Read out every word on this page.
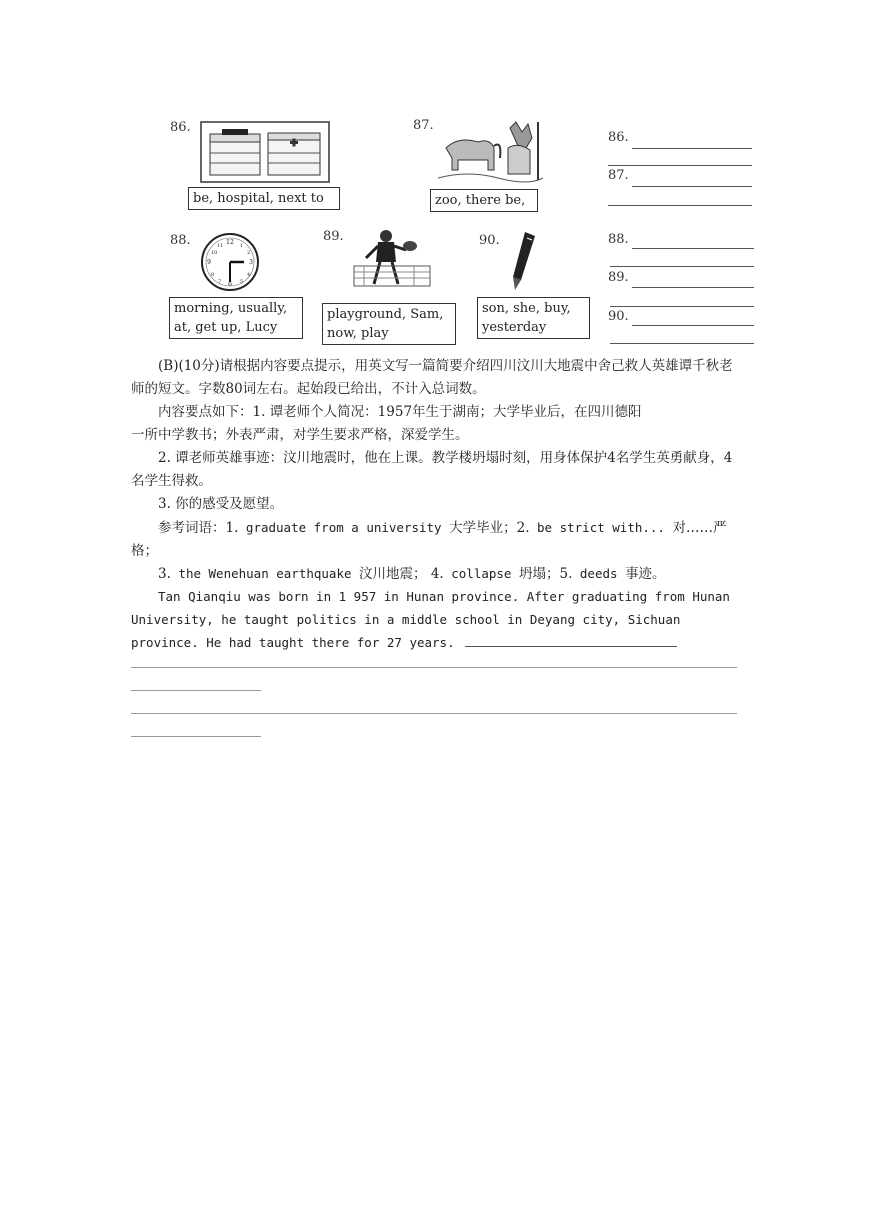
86.
be, hospital, next to
87.
zoo, there be,
86.
87.
88.	12
3
6
9
1
2
4
5
7
8
10
11
morning, usually,
at, get up, Lucy
89.
playground, Sam,
now, play
90.
son, she, buy,
yesterday
88.
89.
90.
(B)(10分)请根据内容要点提示，用英文写一篇简要介绍四川汶川大地震中舍己救人英雄谭千秋老师的短文。字数80词左右。起始段已给出，不计入总词数。
内容要点如下：1. 谭老师个人简况：1957年生于湖南；大学毕业后，在四川德阳
一所中学教书；外表严肃，对学生要求严格，深爱学生。
2. 谭老师英雄事迹：汶川地震时，他在上课。教学楼坍塌时刻，用身体保护4名学生英勇献身，4名学生得救。
3. 你的感受及愿望。
参考词语：1. graduate from a university 大学毕业；2. be strict with... 对……严格；
3. the Wenehuan earthquake 汶川地震； 4. collapse 坍塌；5. deeds 事迹。
Tan Qianqiu was born in 1 957 in Hunan province. After graduating from Hunan University, he taught politics in a middle school in Deyang city, Sichuan province. He had taught there for 27 years.
